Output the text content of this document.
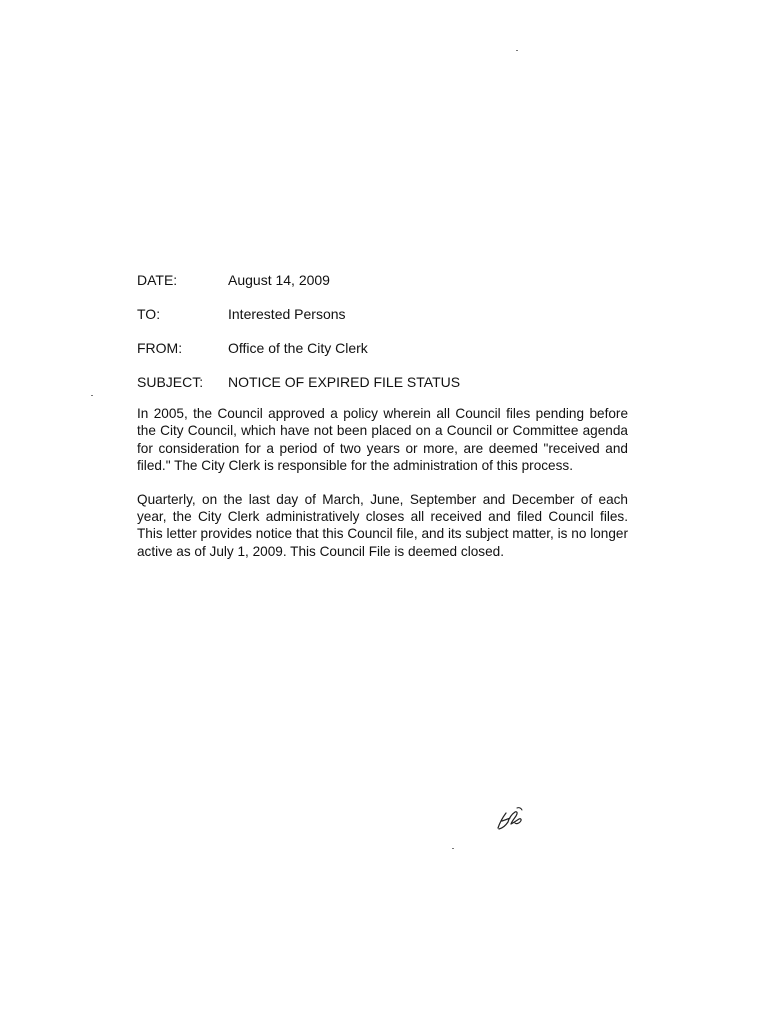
DATE:	August 14, 2009
TO:	Interested Persons
FROM:	Office of the City Clerk
SUBJECT:	NOTICE OF EXPIRED FILE STATUS

In 2005, the Council approved a policy wherein all Council files pending before the City Council, which have not been placed on a Council or Committee agenda for consideration for a period of two years or more, are deemed "received and filed." The City Clerk is responsible for the administration of this process.

Quarterly, on the last day of March, June, September and December of each year, the City Clerk administratively closes all received and filed Council files. This letter provides notice that this Council file, and its subject matter, is no longer active as of July 1, 2009. This Council File is deemed closed.
